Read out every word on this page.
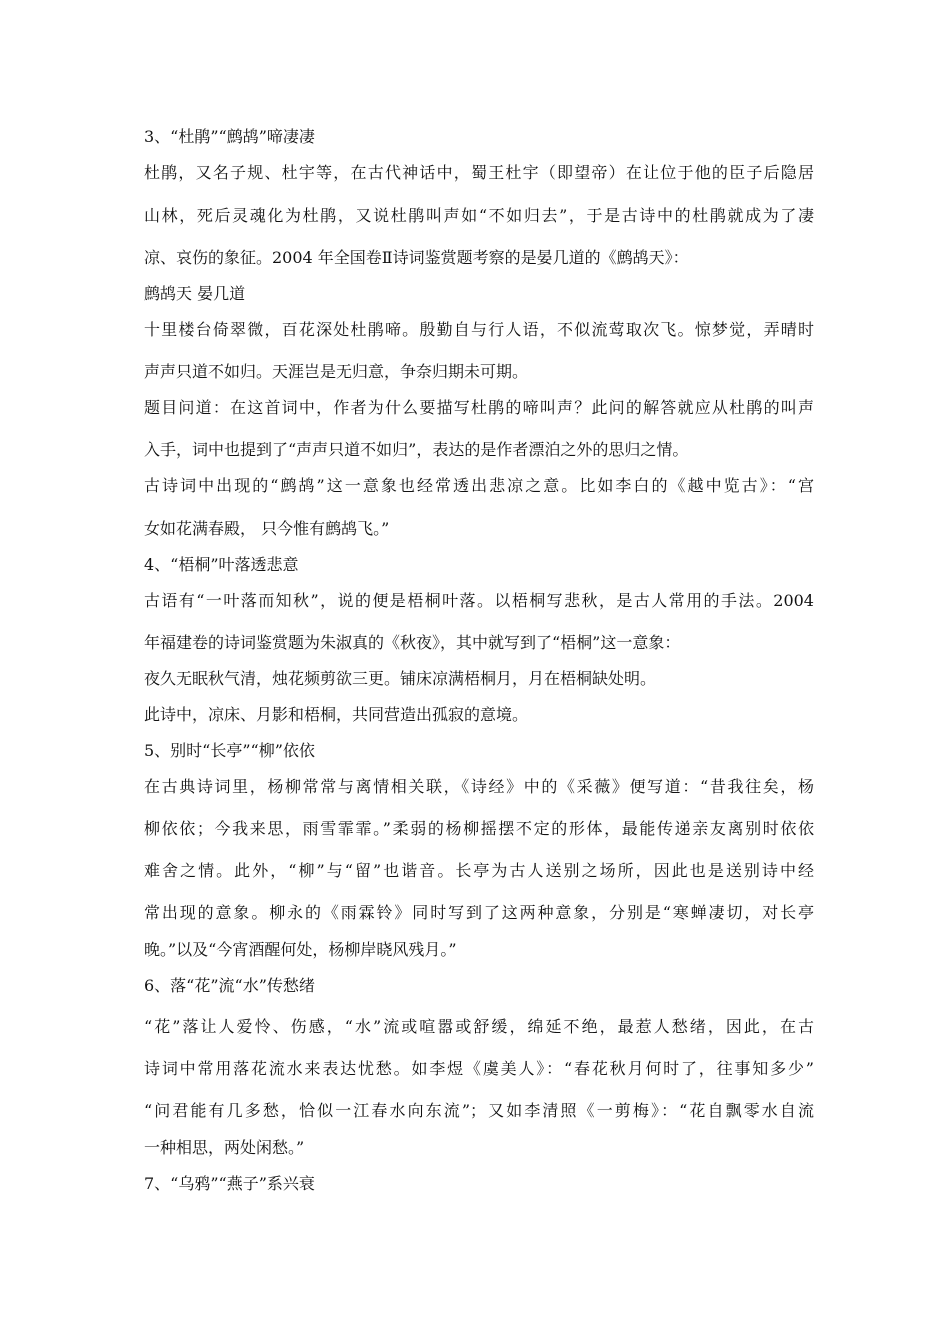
3、“杜鹃”“鹧鸪”啼凄凄
杜鹃，又名子规、杜宇等，在古代神话中，蜀王杜宇（即望帝）在让位于他的臣子后隐居
山林，死后灵魂化为杜鹃，又说杜鹃叫声如“不如归去”，于是古诗中的杜鹃就成为了凄
凉、哀伤的象征。2004 年全国卷Ⅱ诗词鉴赏题考察的是晏几道的《鹧鸪天》：
鹧鸪天 晏几道
十里楼台倚翠微，百花深处杜鹃啼。殷勤自与行人语，不似流莺取次飞。惊梦觉，弄晴时
声声只道不如归。天涯岂是无归意，争奈归期未可期。
题目问道：在这首词中，作者为什么要描写杜鹃的啼叫声？此问的解答就应从杜鹃的叫声
入手，词中也提到了“声声只道不如归”，表达的是作者漂泊之外的思归之情。
古诗词中出现的“鹧鸪”这一意象也经常透出悲凉之意。比如李白的《越中览古》：“宫
女如花满春殿， 只今惟有鹧鸪飞。”
4、“梧桐”叶落透悲意
古语有“一叶落而知秋”，说的便是梧桐叶落。以梧桐写悲秋，是古人常用的手法。2004
年福建卷的诗词鉴赏题为朱淑真的《秋夜》，其中就写到了“梧桐”这一意象：
夜久无眠秋气清，烛花频剪欲三更。铺床凉满梧桐月，月在梧桐缺处明。
此诗中，凉床、月影和梧桐，共同营造出孤寂的意境。
5、别时“长亭”“柳”依依
在古典诗词里，杨柳常常与离情相关联，《诗经》中的《采薇》便写道：“昔我往矣，杨
柳依依；今我来思，雨雪霏霏。”柔弱的杨柳摇摆不定的形体，最能传递亲友离别时依依
难舍之情。此外，“柳”与“留”也谐音。长亭为古人送别之场所，因此也是送别诗中经
常出现的意象。柳永的《雨霖铃》同时写到了这两种意象，分别是“寒蝉凄切，对长亭
晚。”以及“今宵酒醒何处，杨柳岸晓风残月。”
6、落“花”流“水”传愁绪
“花”落让人爱怜、伤感，“水”流或喧嚣或舒缓，绵延不绝，最惹人愁绪，因此，在古
诗词中常用落花流水来表达忧愁。如李煜《虞美人》：“春花秋月何时了，往事知多少”
“问君能有几多愁，恰似一江春水向东流”；又如李清照《一剪梅》：“花自飘零水自流
一种相思，两处闲愁。”
7、“乌鸦”“燕子”系兴衰
